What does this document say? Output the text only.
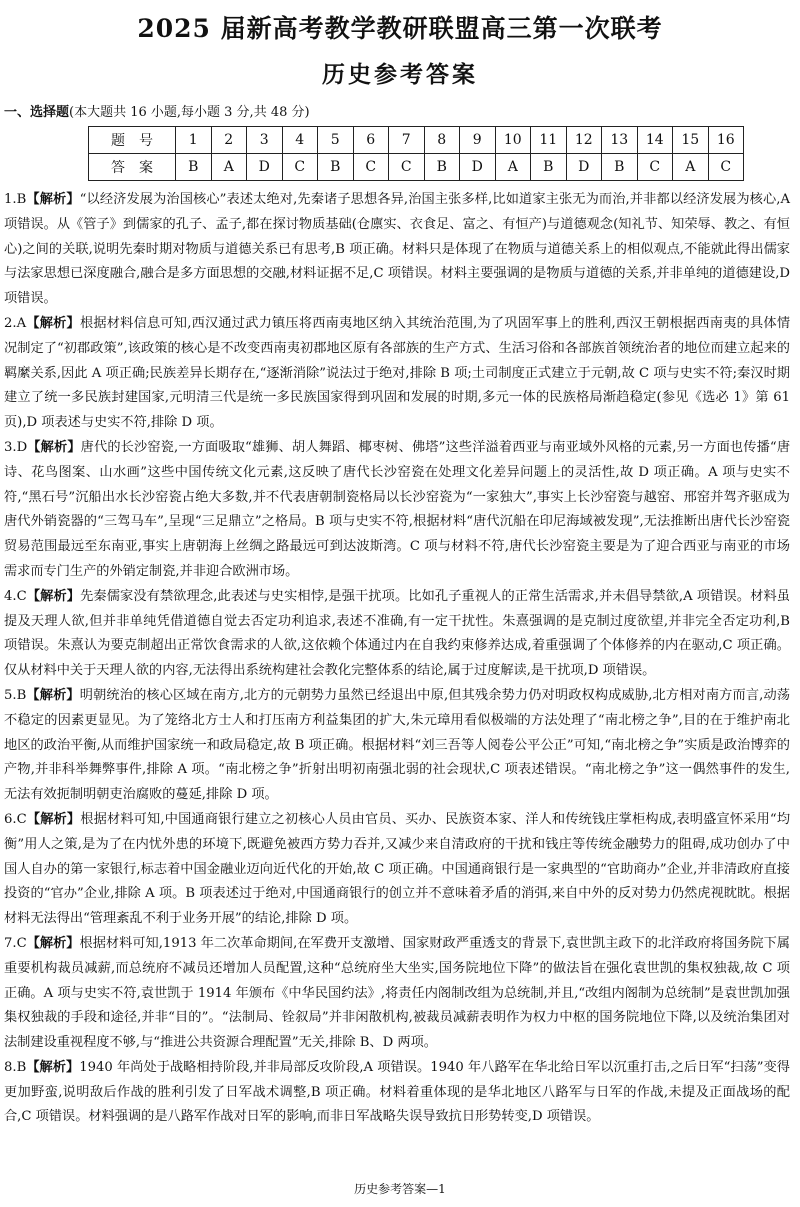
2025 届新高考教学教研联盟高三第一次联考
历史参考答案
一、选择题(本大题共 16 小题,每小题 3 分,共 48 分)
题号	1	2	3	4	5	6	7	8	9	10	11	12	13	14	15	16
答案	B	A	D	C	B	C	C	B	D	A	B	D	B	C	A	C

1.B【解析】“以经济发展为治国核心”表述太绝对,先秦诸子思想各异,治国主张多样,比如道家主张无为而治,并非都以经济发展为核心,A 项错误。从《管子》到儒家的孔子、孟子,都在探讨物质基础(仓廪实、衣食足、富之、有恒产)与道德观念(知礼节、知荣辱、教之、有恒心)之间的关联,说明先秦时期对物质与道德关系已有思考,B 项正确。材料只是体现了在物质与道德关系上的相似观点,不能就此得出儒家与法家思想已深度融合,融合是多方面思想的交融,材料证据不足,C 项错误。材料主要强调的是物质与道德的关系,并非单纯的道德建设,D 项错误。

2.A【解析】根据材料信息可知,西汉通过武力镇压将西南夷地区纳入其统治范围,为了巩固军事上的胜利,西汉王朝根据西南夷的具体情况制定了“初郡政策”,该政策的核心是不改变西南夷初郡地区原有各部族的生产方式、生活习俗和各部族首领统治者的地位而建立起来的羁縻关系,因此 A 项正确;民族差异长期存在,“逐渐消除”说法过于绝对,排除 B 项;土司制度正式建立于元朝,故 C 项与史实不符;秦汉时期建立了统一多民族封建国家,元明清三代是统一多民族国家得到巩固和发展的时期,多元一体的民族格局渐趋稳定(参见《选必 1》第 61 页),D 项表述与史实不符,排除 D 项。

3.D【解析】唐代的长沙窑瓷,一方面吸取“雄狮、胡人舞蹈、椰枣树、佛塔”这些洋溢着西亚与南亚域外风格的元素,另一方面也传播“唐诗、花鸟图案、山水画”这些中国传统文化元素,这反映了唐代长沙窑瓷在处理文化差异问题上的灵活性,故 D 项正确。A 项与史实不符,“黑石号”沉船出水长沙窑瓷占绝大多数,并不代表唐朝制瓷格局以长沙窑瓷为“一家独大”,事实上长沙窑瓷与越窑、邢窑并驾齐驱成为唐代外销瓷器的“三驾马车”,呈现“三足鼎立”之格局。B 项与史实不符,根据材料“唐代沉船在印尼海域被发现”,无法推断出唐代长沙窑瓷贸易范围最远至东南亚,事实上唐朝海上丝绸之路最远可到达波斯湾。C 项与材料不符,唐代长沙窑瓷主要是为了迎合西亚与南亚的市场需求而专门生产的外销定制瓷,并非迎合欧洲市场。

4.C【解析】先秦儒家没有禁欲理念,此表述与史实相悖,是强干扰项。比如孔子重视人的正常生活需求,并未倡导禁欲,A 项错误。材料虽提及天理人欲,但并非单纯凭借道德自觉去否定功利追求,表述不准确,有一定干扰性。朱熹强调的是克制过度欲望,并非完全否定功利,B 项错误。朱熹认为要克制超出正常饮食需求的人欲,这依赖个体通过内在自我约束修养达成,着重强调了个体修养的内在驱动,C 项正确。仅从材料中关于天理人欲的内容,无法得出系统构建社会教化完整体系的结论,属于过度解读,是干扰项,D 项错误。

5.B【解析】明朝统治的核心区域在南方,北方的元朝势力虽然已经退出中原,但其残余势力仍对明政权构成威胁,北方相对南方而言,动荡不稳定的因素更显见。为了笼络北方士人和打压南方利益集团的扩大,朱元璋用看似极端的方法处理了“南北榜之争”,目的在于维护南北地区的政治平衡,从而维护国家统一和政局稳定,故 B 项正确。根据材料“刘三吾等人阅卷公平公正”可知,“南北榜之争”实质是政治博弈的产物,并非科举舞弊事件,排除 A 项。“南北榜之争”折射出明初南强北弱的社会现状,C 项表述错误。“南北榜之争”这一偶然事件的发生,无法有效扼制明朝吏治腐败的蔓延,排除 D 项。

6.C【解析】根据材料可知,中国通商银行建立之初核心人员由官员、买办、民族资本家、洋人和传统钱庄掌柜构成,表明盛宣怀采用“均衡”用人之策,是为了在内忧外患的环境下,既避免被西方势力吞并,又减少来自清政府的干扰和钱庄等传统金融势力的阻碍,成功创办了中国人自办的第一家银行,标志着中国金融业迈向近代化的开始,故 C 项正确。中国通商银行是一家典型的“官助商办”企业,并非清政府直接投资的“官办”企业,排除 A 项。B 项表述过于绝对,中国通商银行的创立并不意味着矛盾的消弭,来自中外的反对势力仍然虎视眈眈。根据材料无法得出“管理紊乱不利于业务开展”的结论,排除 D 项。

7.C【解析】根据材料可知,1913 年二次革命期间,在军费开支激增、国家财政严重透支的背景下,袁世凯主政下的北洋政府将国务院下属重要机构裁员减薪,而总统府不减员还增加人员配置,这种“总统府坐大坐实,国务院地位下降”的做法旨在强化袁世凯的集权独裁,故 C 项正确。A 项与史实不符,袁世凯于 1914 年颁布《中华民国约法》,将责任内阁制改组为总统制,并且,“改组内阁制为总统制”是袁世凯加强集权独裁的手段和途径,并非“目的”。“法制局、铨叙局”并非闲散机构,被裁员减薪表明作为权力中枢的国务院地位下降,以及统治集团对法制建设重视程度不够,与“推进公共资源合理配置”无关,排除 B、D 两项。

8.B【解析】1940 年尚处于战略相持阶段,并非局部反攻阶段,A 项错误。1940 年八路军在华北给日军以沉重打击,之后日军“扫荡”变得更加野蛮,说明敌后作战的胜利引发了日军战术调整,B 项正确。材料着重体现的是华北地区八路军与日军的作战,未提及正面战场的配合,C 项错误。材料强调的是八路军作战对日军的影响,而非日军战略失误导致抗日形势转变,D 项错误。

历史参考答案—1
